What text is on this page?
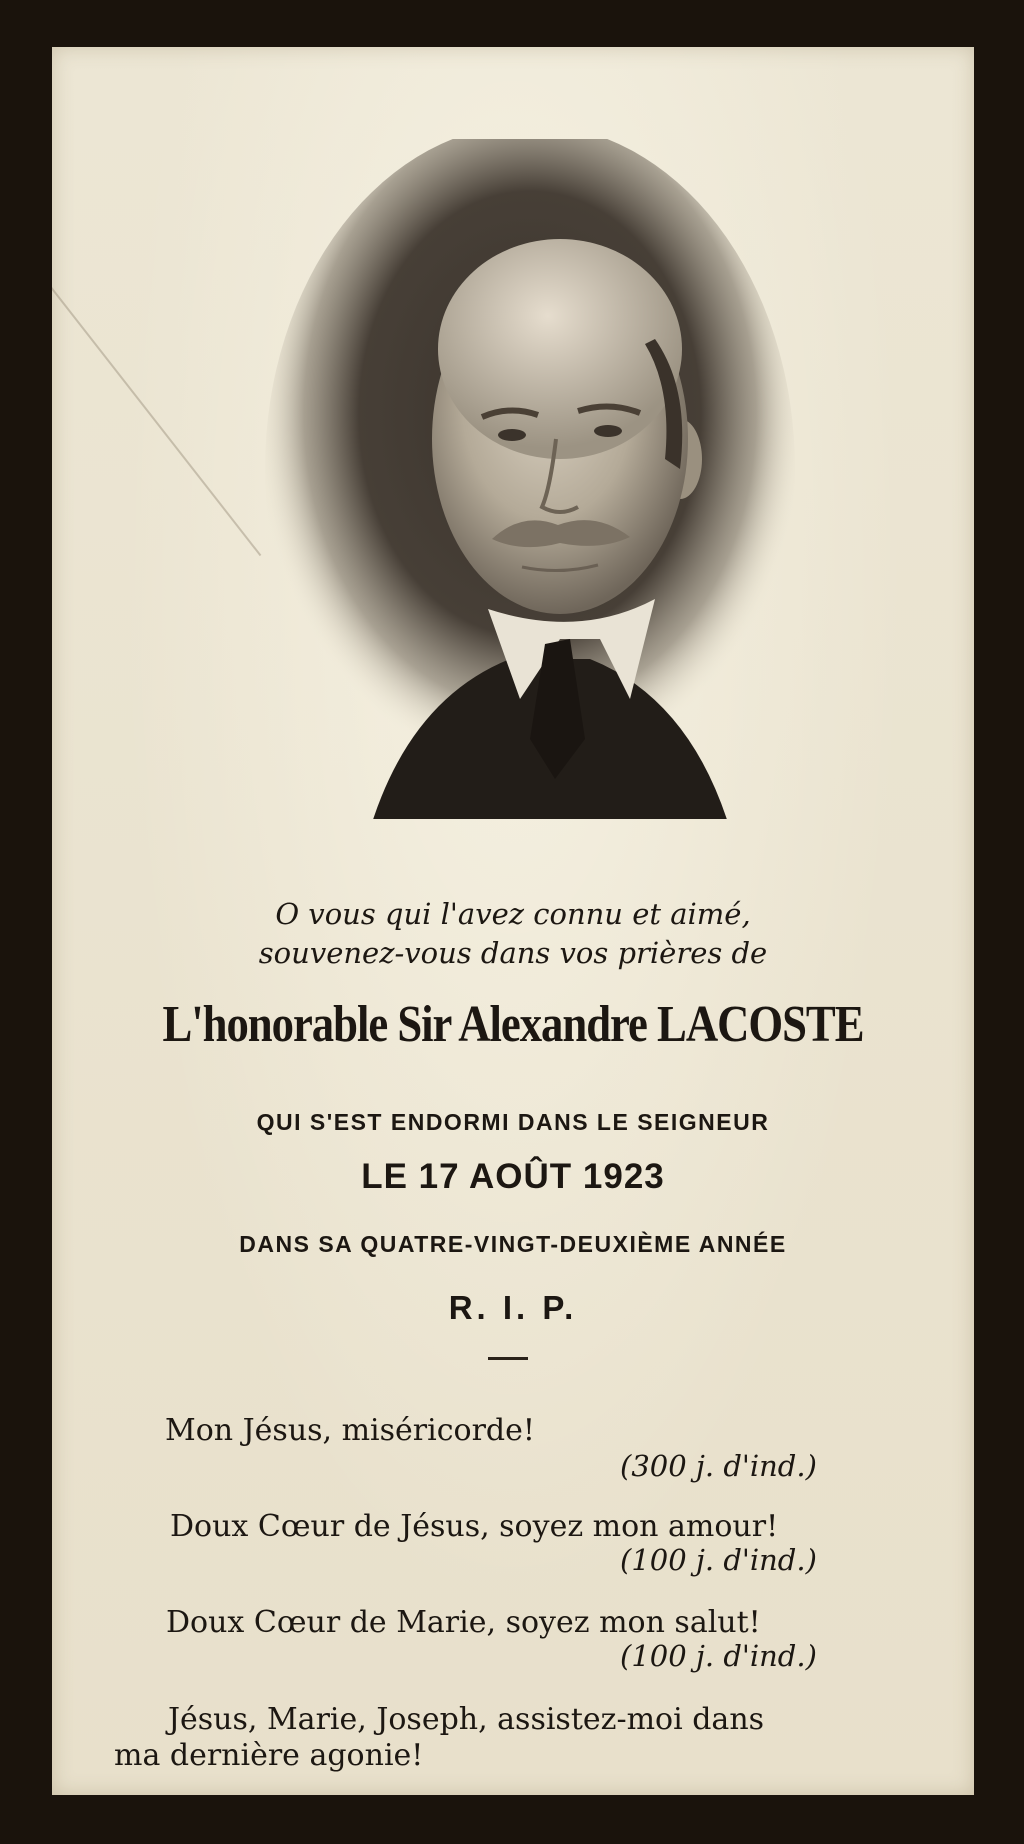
O vous qui l'avez connu et aimé,
souvenez-vous dans vos prières de
L'honorable Sir Alexandre LACOSTE
QUI S'EST ENDORMI DANS LE SEIGNEUR
LE 17 AOÛT 1923
DANS SA QUATRE-VINGT-DEUXIÈME ANNÉE
R. I. P.
Mon Jésus, miséricorde!
(300 j. d'ind.)
Doux Cœur de Jésus, soyez mon amour!
(100 j. d'ind.)
Doux Cœur de Marie, soyez mon salut!
(100 j. d'ind.)
Jésus, Marie, Joseph, assistez-moi dans
ma dernière agonie!
